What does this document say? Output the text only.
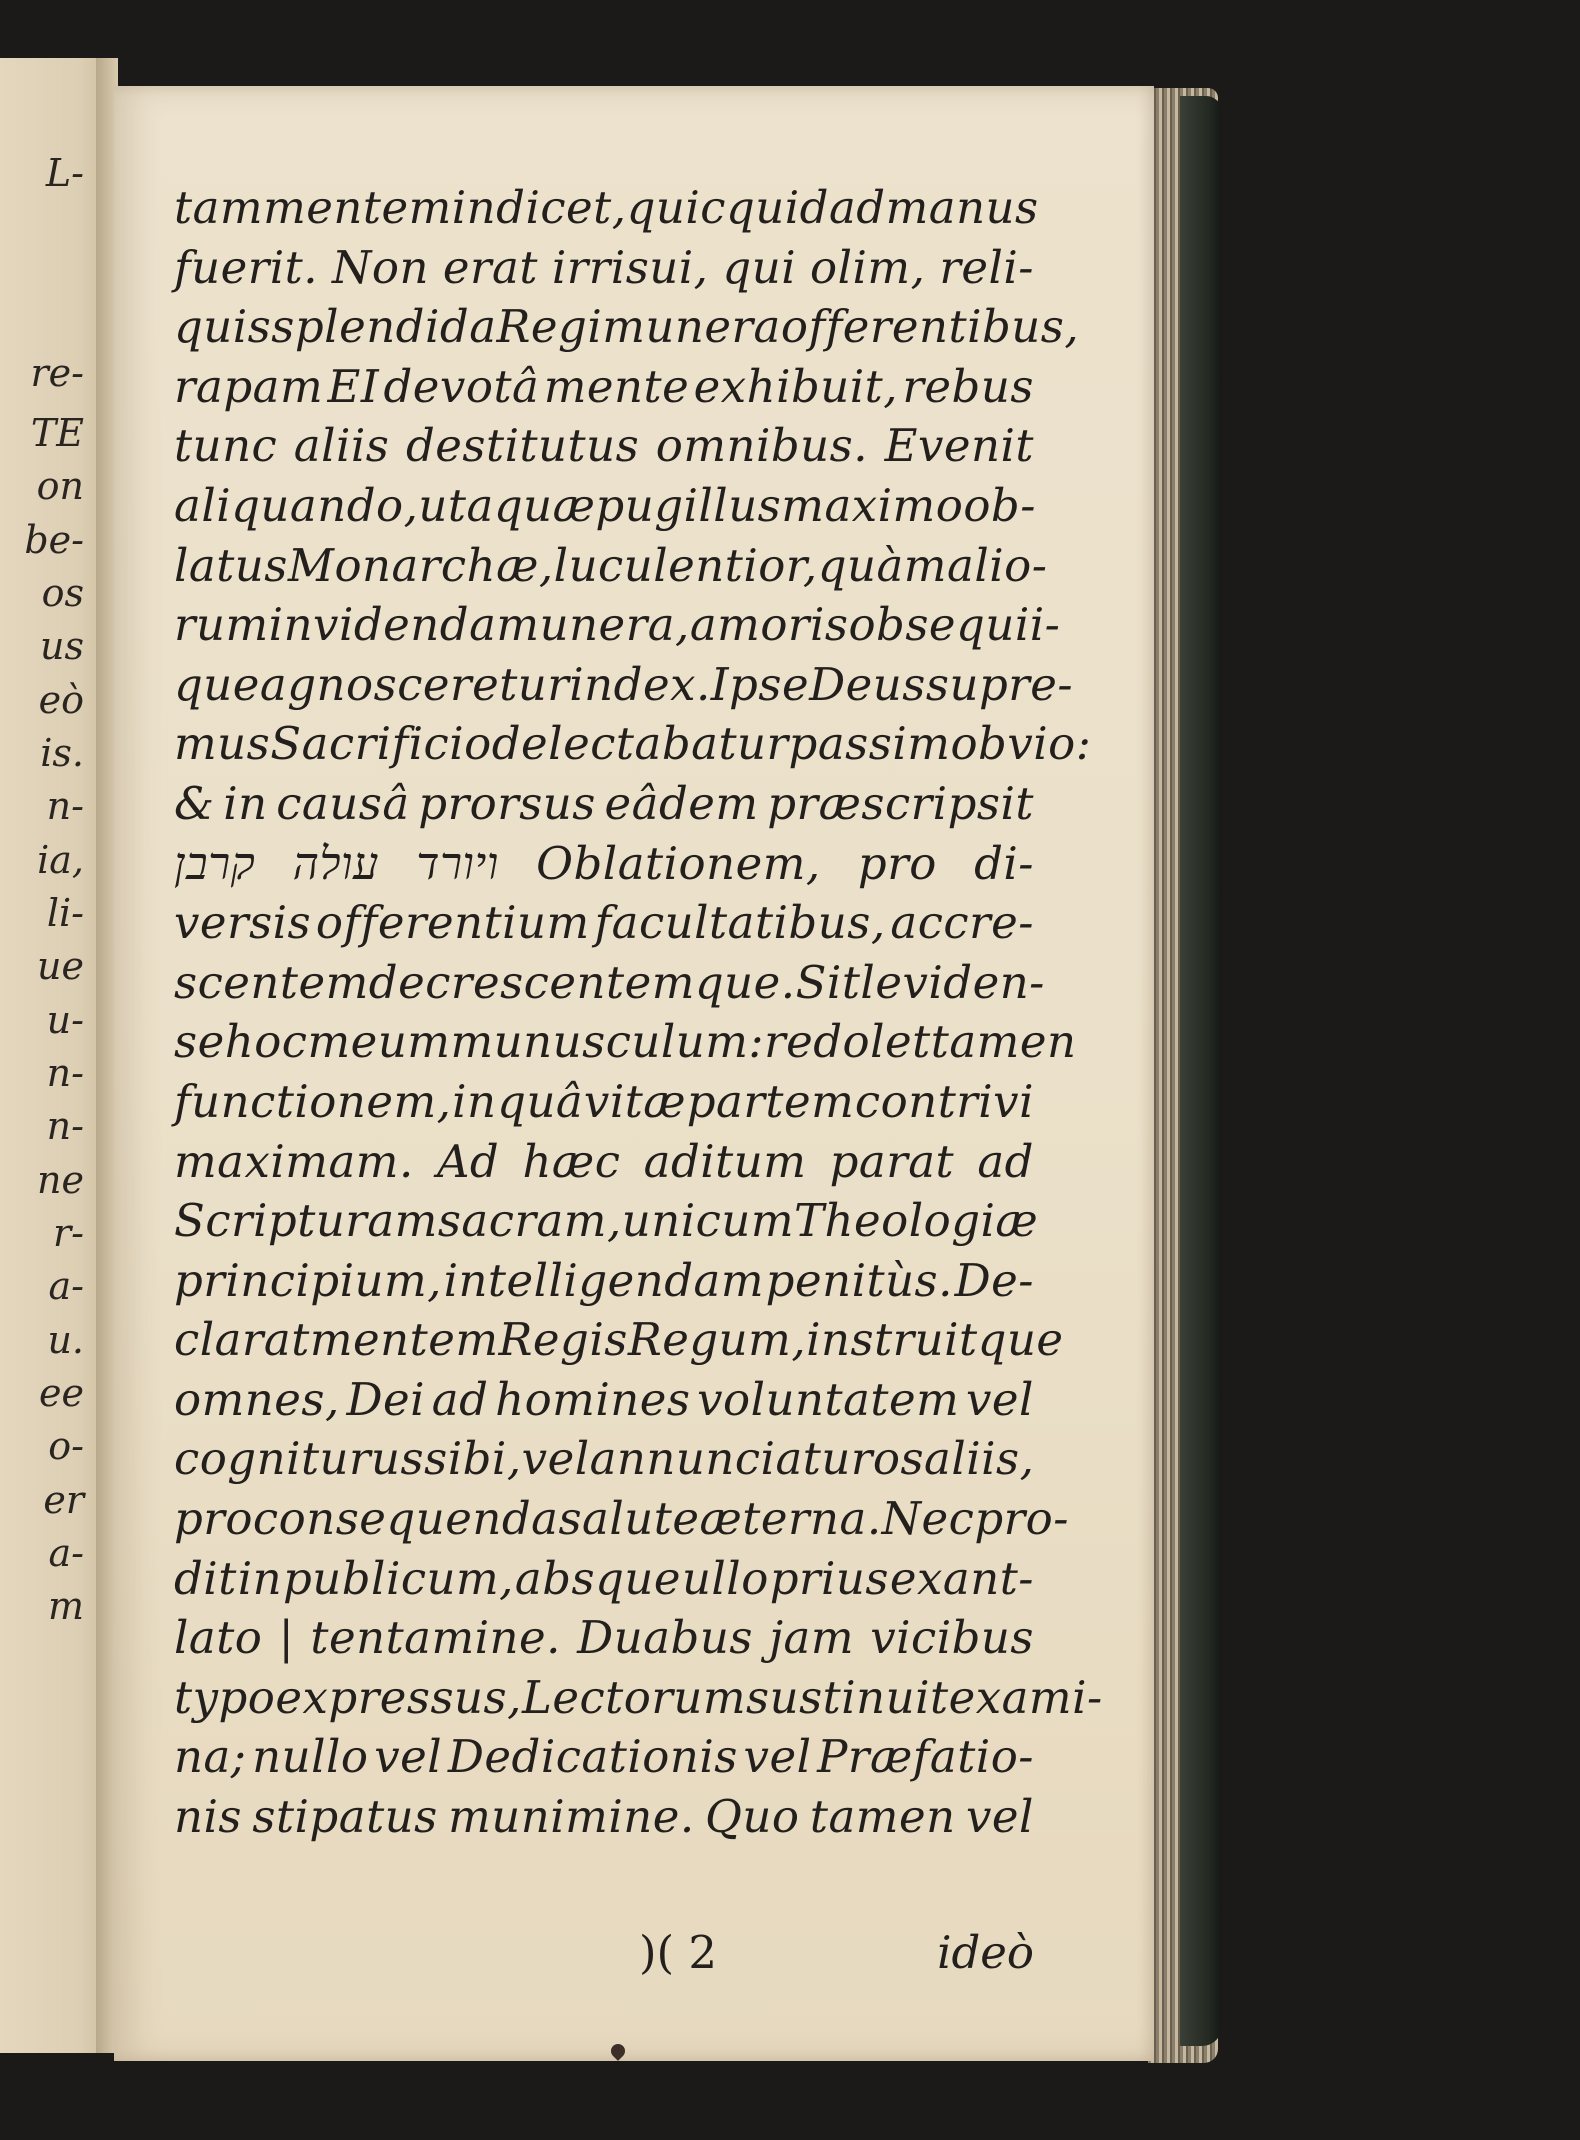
L-
re-
TE
on
be-
os
us
eò
is.
n-
ia,
li-
ue
u-
n-
n-
ne
r-
a-
u.
ee
o-
er
a-
m
tam mentem indicet, quicquid ad manus
fuerit. Non erat irrisui, qui olim, reli-
quis splendida Regi munera offerentibus,
rapam EI devotâ mente exhibuit, rebus
tunc aliis destitutus omnibus. Evenit
aliquando, ut aquæ pugillus maximo ob-
latus Monarchæ, luculentior, quàm alio-
rum invidenda munera, amoris obsequii-
que agnosceretur index. Ipse Deus supre-
mus Sacrificio delectabatur passim obvio:
& in causâ prorsus eâdem præscripsit
קרבן עולה ויורד Oblationem, pro di-
versis offerentium facultatibus, accre-
scentem decrescentemque. Sit leviden-
se hoc meum munusculum: redolet tamen
functionem, in quâ vitæ partem contrivi
maximam. Ad hæc aditum parat ad
Scripturam sacram, unicum Theologiæ
principium, intelligendam penitùs. De-
clarat mentem Regis Regum, instruitque
omnes, Dei ad homines voluntatem vel
cogniturus sibi, vel annunciaturos aliis,
pro consequenda salute æterna. Nec pro-
dit in publicum, absque ullo prius exant-
lato | tentamine. Duabus jam vicibus
typo expressus, Lectorum sustinuit exami-
na; nullo vel Dedicationis vel Præfatio-
nis stipatus munimine. Quo tamen vel
)( 2	ideò
